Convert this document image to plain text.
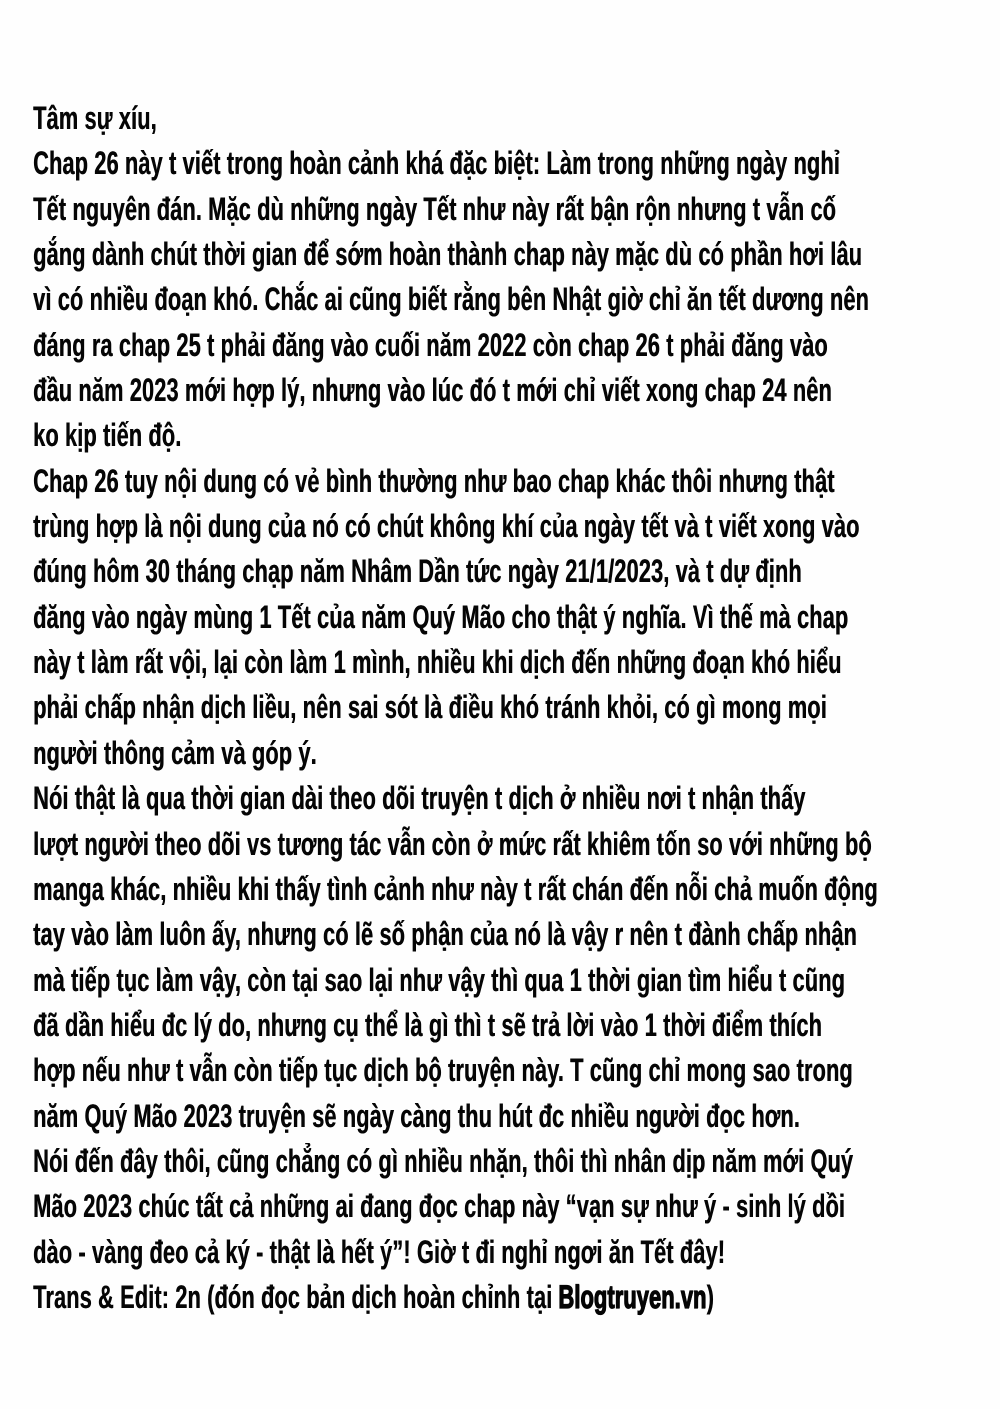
Tâm sự xíu,
Chap 26 này t viết trong hoàn cảnh khá đặc biệt: Làm trong những ngày nghỉ
Tết nguyên đán. Mặc dù những ngày Tết như này rất bận rộn nhưng t vẫn cố
gắng dành chút thời gian để sớm hoàn thành chap này mặc dù có phần hơi lâu
vì có nhiều đoạn khó. Chắc ai cũng biết rằng bên Nhật giờ chỉ ăn tết dương nên
đáng ra chap 25 t phải đăng vào cuối năm 2022 còn chap 26 t phải đăng vào
đầu năm 2023 mới hợp lý, nhưng vào lúc đó t mới chỉ viết xong chap 24 nên
ko kịp tiến độ.
Chap 26 tuy nội dung có vẻ bình thường như bao chap khác thôi nhưng thật
trùng hợp là nội dung của nó có chút không khí của ngày tết và t viết xong vào
đúng hôm 30 tháng chạp năm Nhâm Dần tức ngày 21/1/2023, và t dự định
đăng vào ngày mùng 1 Tết của năm Quý Mão cho thật ý nghĩa. Vì thế mà chap
này t làm rất vội, lại còn làm 1 mình, nhiều khi dịch đến những đoạn khó hiểu
phải chấp nhận dịch liều, nên sai sót là điều khó tránh khỏi, có gì mong mọi
người thông cảm và góp ý.
Nói thật là qua thời gian dài theo dõi truyện t dịch ở nhiều nơi t nhận thấy
lượt người theo dõi vs tương tác vẫn còn ở mức rất khiêm tốn so với những bộ
manga khác, nhiều khi thấy tình cảnh như này t rất chán đến nỗi chả muốn động
tay vào làm luôn ấy, nhưng có lẽ số phận của nó là vậy r nên t đành chấp nhận
mà tiếp tục làm vậy, còn tại sao lại như vậy thì qua 1 thời gian tìm hiểu t cũng
đã dần hiểu đc lý do, nhưng cụ thể là gì thì t sẽ trả lời vào 1 thời điểm thích
hợp nếu như t vẫn còn tiếp tục dịch bộ truyện này. T cũng chỉ mong sao trong
năm Quý Mão 2023 truyện sẽ ngày càng thu hút đc nhiều người đọc hơn.
Nói đến đây thôi, cũng chẳng có gì nhiều nhặn, thôi thì nhân dịp năm mới Quý
Mão 2023 chúc tất cả những ai đang đọc chap này “vạn sự như ý - sinh lý dồi
dào - vàng đeo cả ký - thật là hết ý”! Giờ t đi nghỉ ngơi ăn Tết đây!
Trans & Edit: 2n (đón đọc bản dịch hoàn chỉnh tại Blogtruyen.vn)
